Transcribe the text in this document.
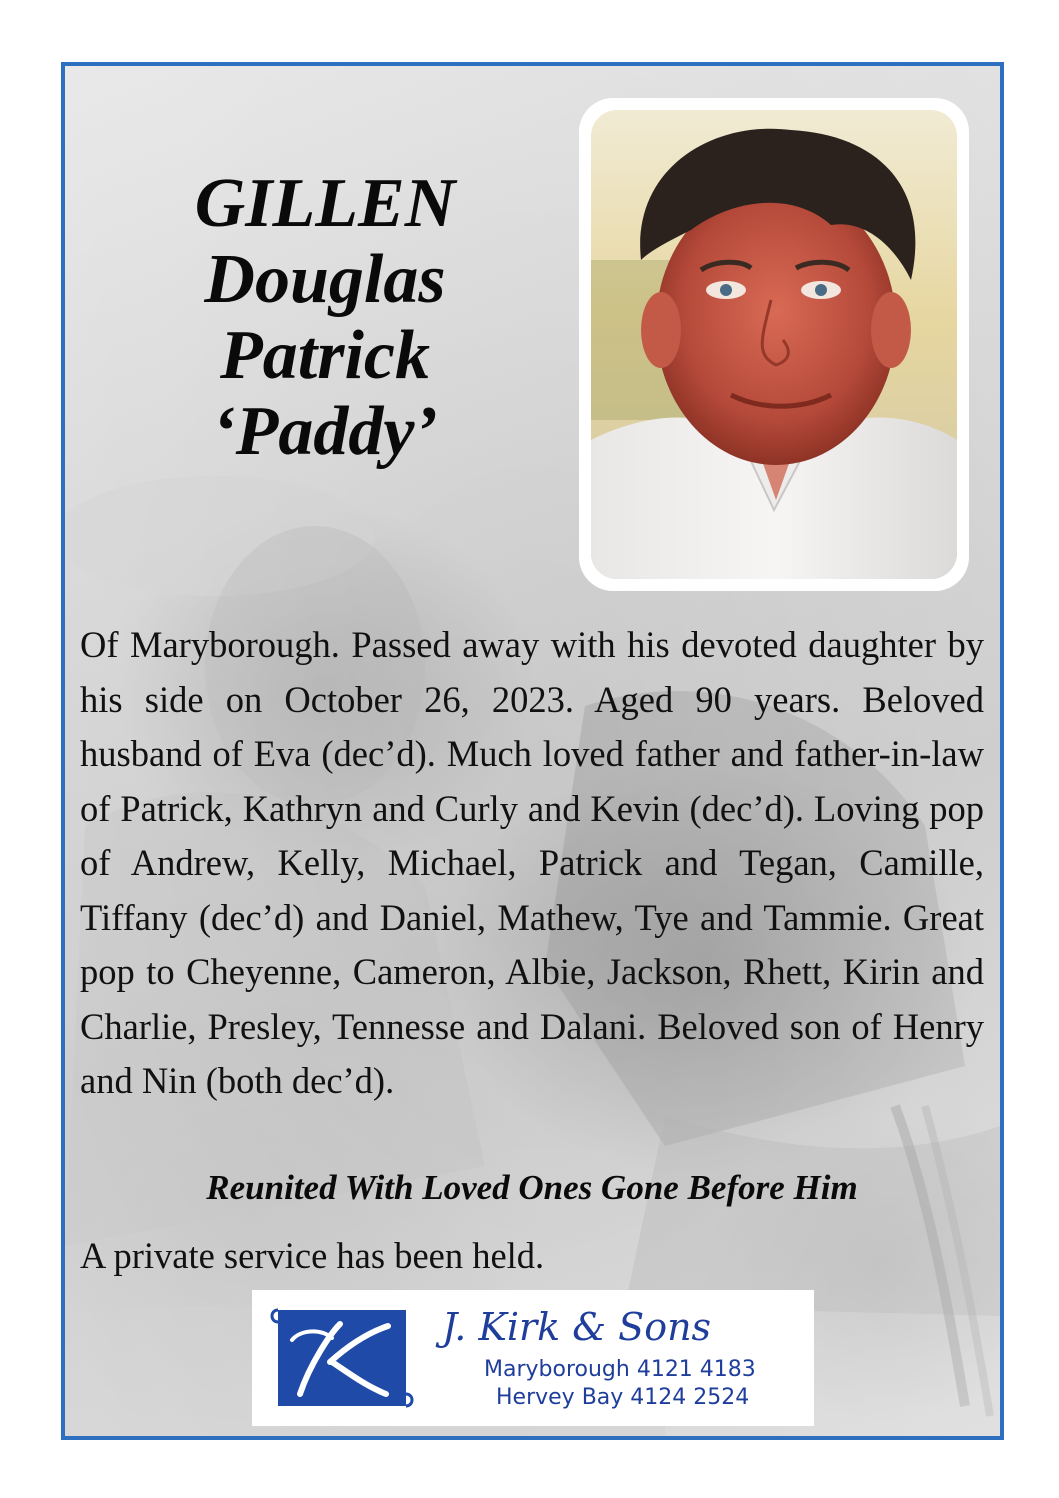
GILLEN
Douglas
Patrick
‘Paddy’

Of Maryborough. Passed away with his devoted daughter by his side on October 26, 2023. Aged 90 years. Beloved husband of Eva (dec’d). Much loved father and father-in-law of Patrick, Kathryn and Curly and Kevin (dec’d). Loving pop of Andrew, Kelly, Michael, Patrick and Tegan, Camille, Tiffany (dec’d) and Daniel, Mathew, Tye and Tammie. Great pop to Cheyenne, Cameron, Albie, Jackson, Rhett, Kirin and Charlie, Presley, Tennesse and Dalani. Beloved son of Henry and Nin (both dec’d).

Reunited With Loved Ones Gone Before Him
A private service has been held.
J. Kirk & Sons
Maryborough 4121 4183
Hervey Bay 4124 2524
